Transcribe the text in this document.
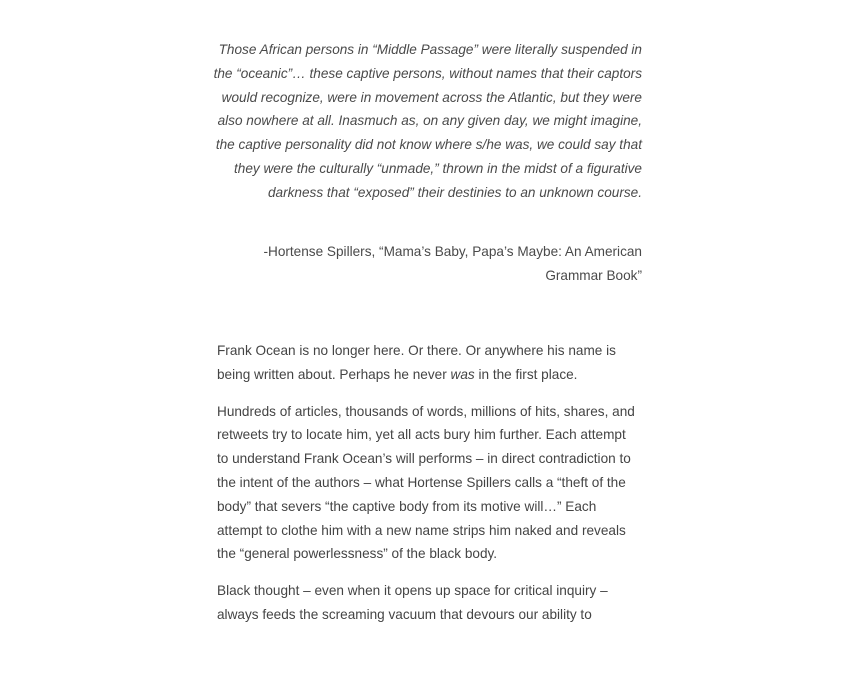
Those African persons in “Middle Passage” were literally suspended in the “oceanic”… these captive persons, without names that their captors would recognize, were in movement across the Atlantic, but they were also nowhere at all. Inasmuch as, on any given day, we might imagine, the captive personality did not know where s/he was, we could say that they were the culturally “unmade,” thrown in the midst of a figurative darkness that “exposed” their destinies to an unknown course.

-Hortense Spillers, “Mama’s Baby, Papa’s Maybe: An American Grammar Book”

Frank Ocean is no longer here. Or there. Or anywhere his name is being written about. Perhaps he never was in the first place.

Hundreds of articles, thousands of words, millions of hits, shares, and retweets try to locate him, yet all acts bury him further. Each attempt to understand Frank Ocean’s will performs – in direct contradiction to the intent of the authors – what Hortense Spillers calls a “theft of the body” that severs “the captive body from its motive will…” Each attempt to clothe him with a new name strips him naked and reveals the “general powerlessness” of the black body.

Black thought – even when it opens up space for critical inquiry – always feeds the screaming vacuum that devours our ability to
